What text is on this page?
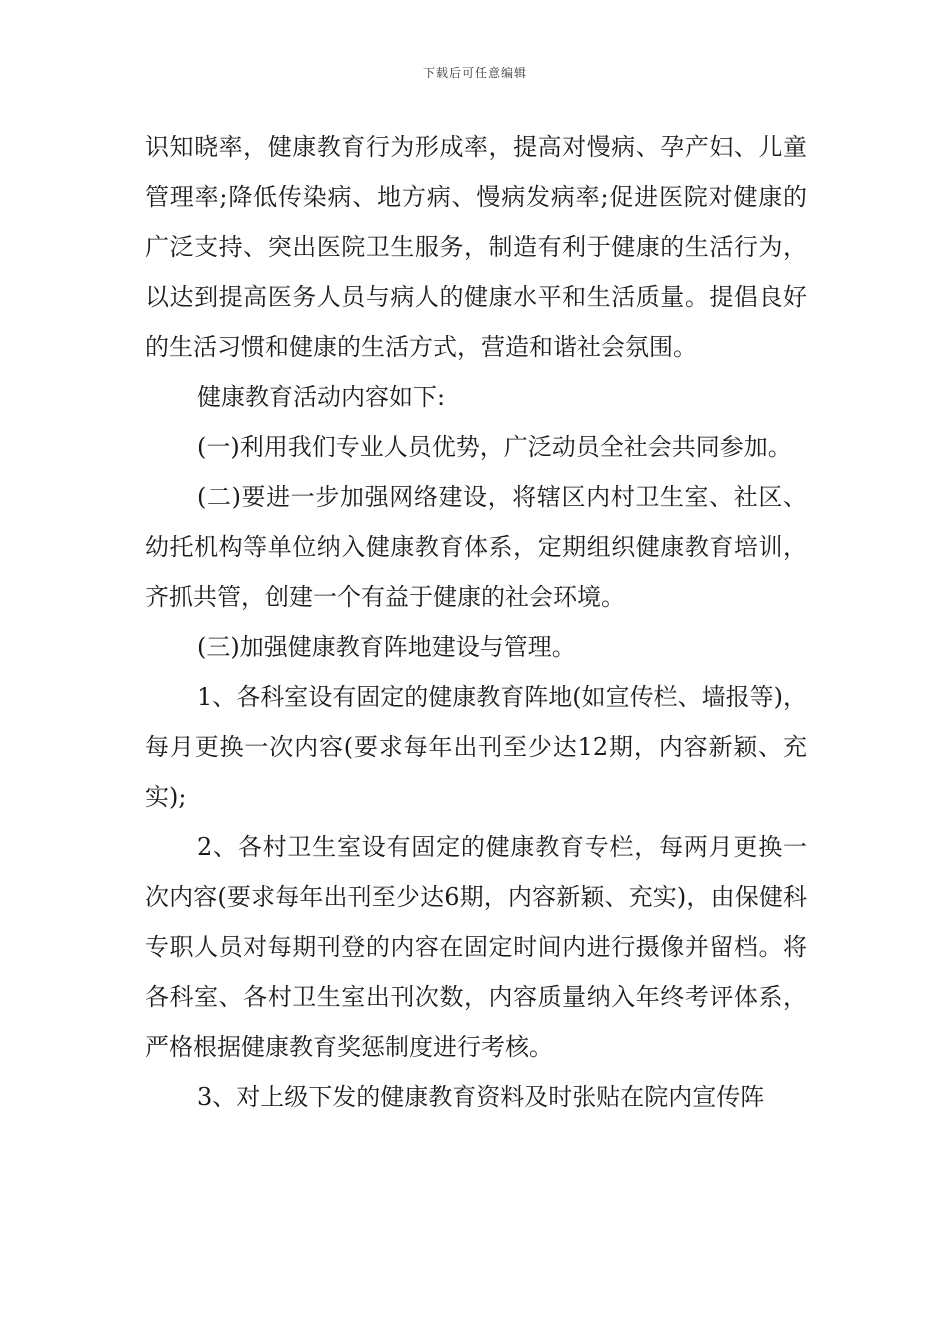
下载后可任意编辑

识知晓率，健康教育行为形成率，提高对慢病、孕产妇、儿童管理率;降低传染病、地方病、慢病发病率;促进医院对健康的广泛支持、突出医院卫生服务，制造有利于健康的生活行为，以达到提高医务人员与病人的健康水平和生活质量。提倡良好的生活习惯和健康的生活方式，营造和谐社会氛围。

健康教育活动内容如下:

(一)利用我们专业人员优势，广泛动员全社会共同参加。

(二)要进一步加强网络建设，将辖区内村卫生室、社区、幼托机构等单位纳入健康教育体系，定期组织健康教育培训，齐抓共管，创建一个有益于健康的社会环境。

(三)加强健康教育阵地建设与管理。

1、各科室设有固定的健康教育阵地(如宣传栏、墙报等)，每月更换一次内容(要求每年出刊至少达12期，内容新颖、充实);

2、各村卫生室设有固定的健康教育专栏，每两月更换一次内容(要求每年出刊至少达6期，内容新颖、充实)，由保健科专职人员对每期刊登的内容在固定时间内进行摄像并留档。将各科室、各村卫生室出刊次数，内容质量纳入年终考评体系，严格根据健康教育奖惩制度进行考核。

3、对上级下发的健康教育资料及时张贴在院内宣传阵
